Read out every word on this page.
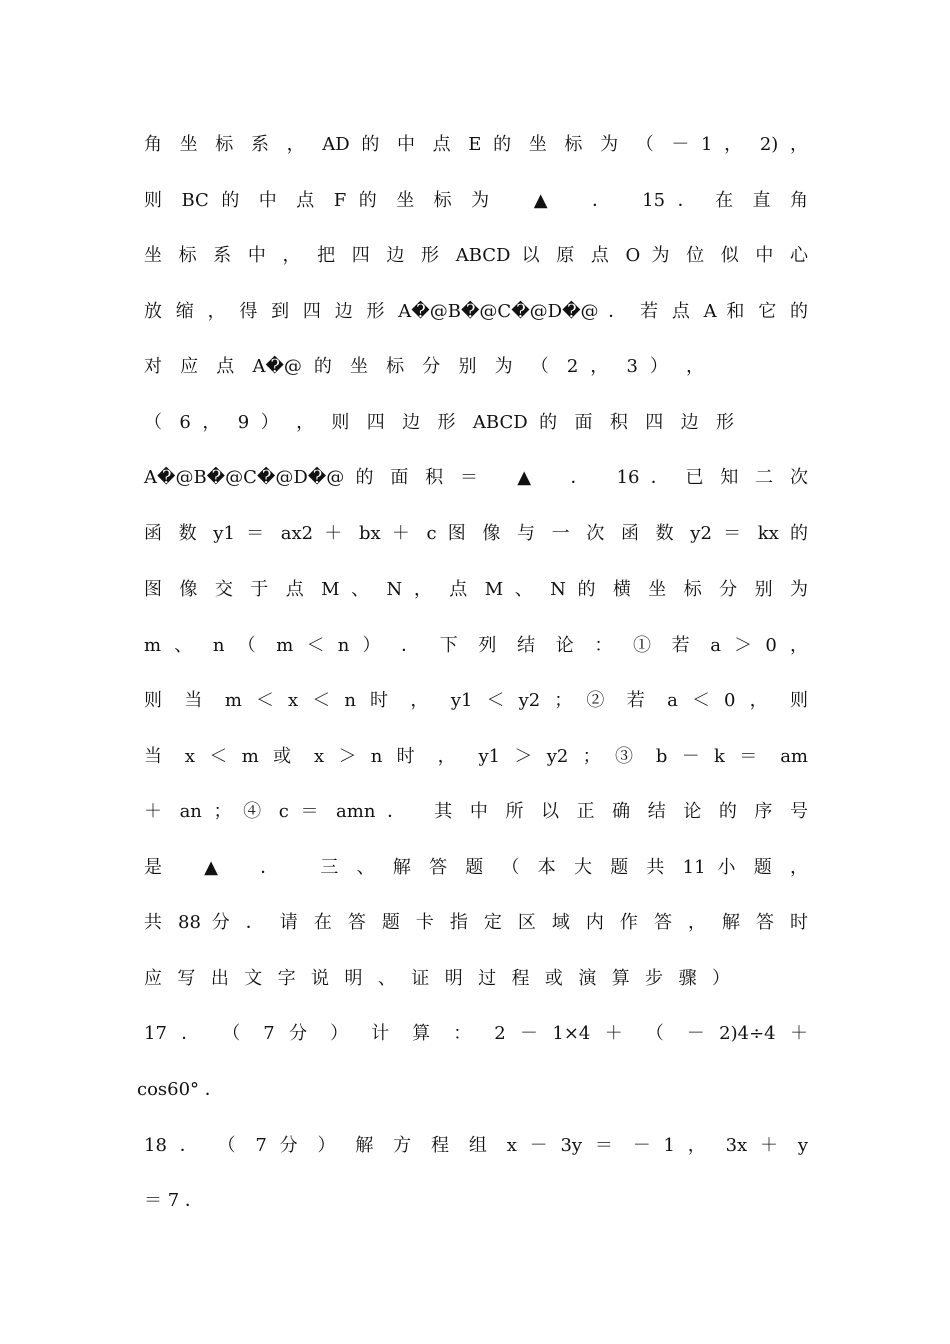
角 坐 标 系 ， AD 的 中 点 E 的 坐 标 为 （ － 1 ， 2) ，
则 BC 的 中 点 F 的 坐 标 为   ▲   ．  15 ． 在 直 角
坐 标 系 中 ， 把 四 边 形 ABCD 以 原 点 O 为 位 似 中 心
放 缩 ， 得 到 四 边 形 A�@B�@C�@D�@ ． 若 点 A 和 它 的
对 应 点 A�@ 的 坐 标 分 别 为 （ 2 ， 3 ） ，
（ 6 ， 9 ） ， 则 四 边 形 ABCD 的 面 积 四 边 形
A�@B�@C�@D�@ 的 面 积 ＝   ▲   ．  16 ． 已 知 二 次
函 数 y1 ＝ ax2 ＋ bx ＋ c 图 像 与 一 次 函 数 y2 ＝ kx 的
图 像 交 于 点 M 、 N ， 点 M 、 N 的 横 坐 标 分 别 为
m 、 n （ m ＜ n ） ． 下 列 结 论 ： ① 若 a ＞ 0 ，
则 当 m ＜ x ＜ n 时 ， y1 ＜ y2 ； ② 若 a ＜ 0 ， 则
当 x ＜ m 或 x ＞ n 时 ， y1 ＞ y2 ； ③ b － k ＝ am
＋ an ； ④ c ＝ amn ．  其 中 所 以 正 确 结 论 的 序 号
是   ▲   ．   三 、 解 答 题 （ 本 大 题 共 11 小 题 ，
共 88 分 ． 请 在 答 题 卡 指 定 区 域 内 作 答 ， 解 答 时
应 写 出 文 字 说 明 、 证 明 过 程 或 演 算 步 骤 ）
17 ． （ 7 分 ） 计 算 ： 2 － 1×4 ＋ （ － 2)4÷4 ＋
cos60° ．
18 ． （ 7 分 ） 解 方 程 组 x － 3y ＝ － 1 ， 3x ＋ y
＝ 7 ．
